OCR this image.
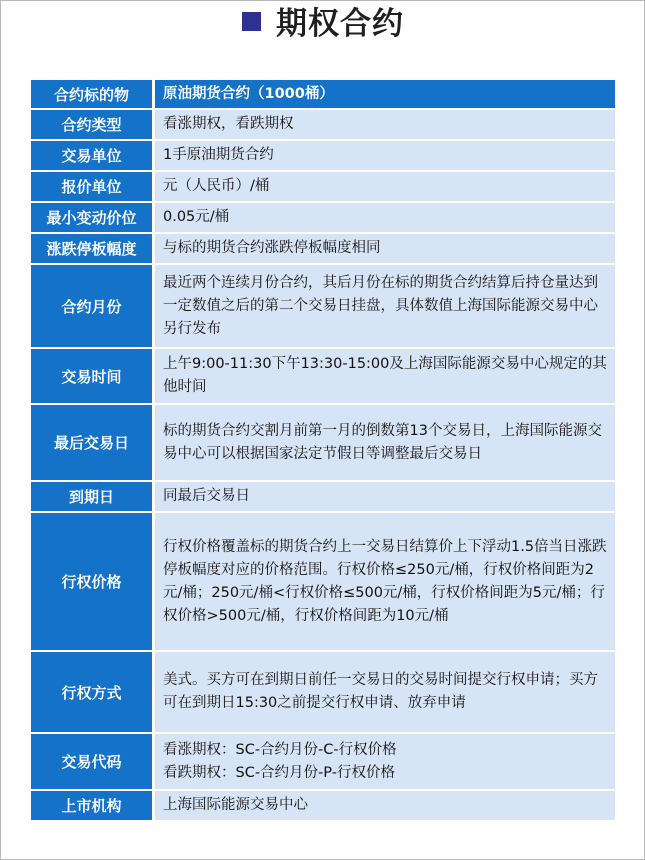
期权合约
合约标的物	原油期货合约（1000桶）
合约类型	看涨期权，看跌期权
交易单位	1手原油期货合约
报价单位	元（人民币）/桶
最小变动价位	0.05元/桶
涨跌停板幅度	与标的期货合约涨跌停板幅度相同
合约月份	最近两个连续月份合约，其后月份在标的期货合约结算后持仓量达到一定数值之后的第二个交易日挂盘，具体数值上海国际能源交易中心另行发布
交易时间	上午9:00-11:30下午13:30-15:00及上海国际能源交易中心规定的其他时间
最后交易日	标的期货合约交割月前第一月的倒数第13个交易日，上海国际能源交易中心可以根据国家法定节假日等调整最后交易日
到期日	同最后交易日
行权价格	行权价格覆盖标的期货合约上一交易日结算价上下浮动1.5倍当日涨跌停板幅度对应的价格范围。行权价格≤250元/桶，行权价格间距为2元/桶；250元/桶<行权价格≤500元/桶，行权价格间距为5元/桶；行权价格>500元/桶，行权价格间距为10元/桶
行权方式	美式。买方可在到期日前任一交易日的交易时间提交行权申请；买方可在到期日15:30之前提交行权申请、放弃申请
交易代码	看涨期权：SC-合约月份-C-行权价格
看跌期权：SC-合约月份-P-行权价格

上市机构	上海国际能源交易中心
